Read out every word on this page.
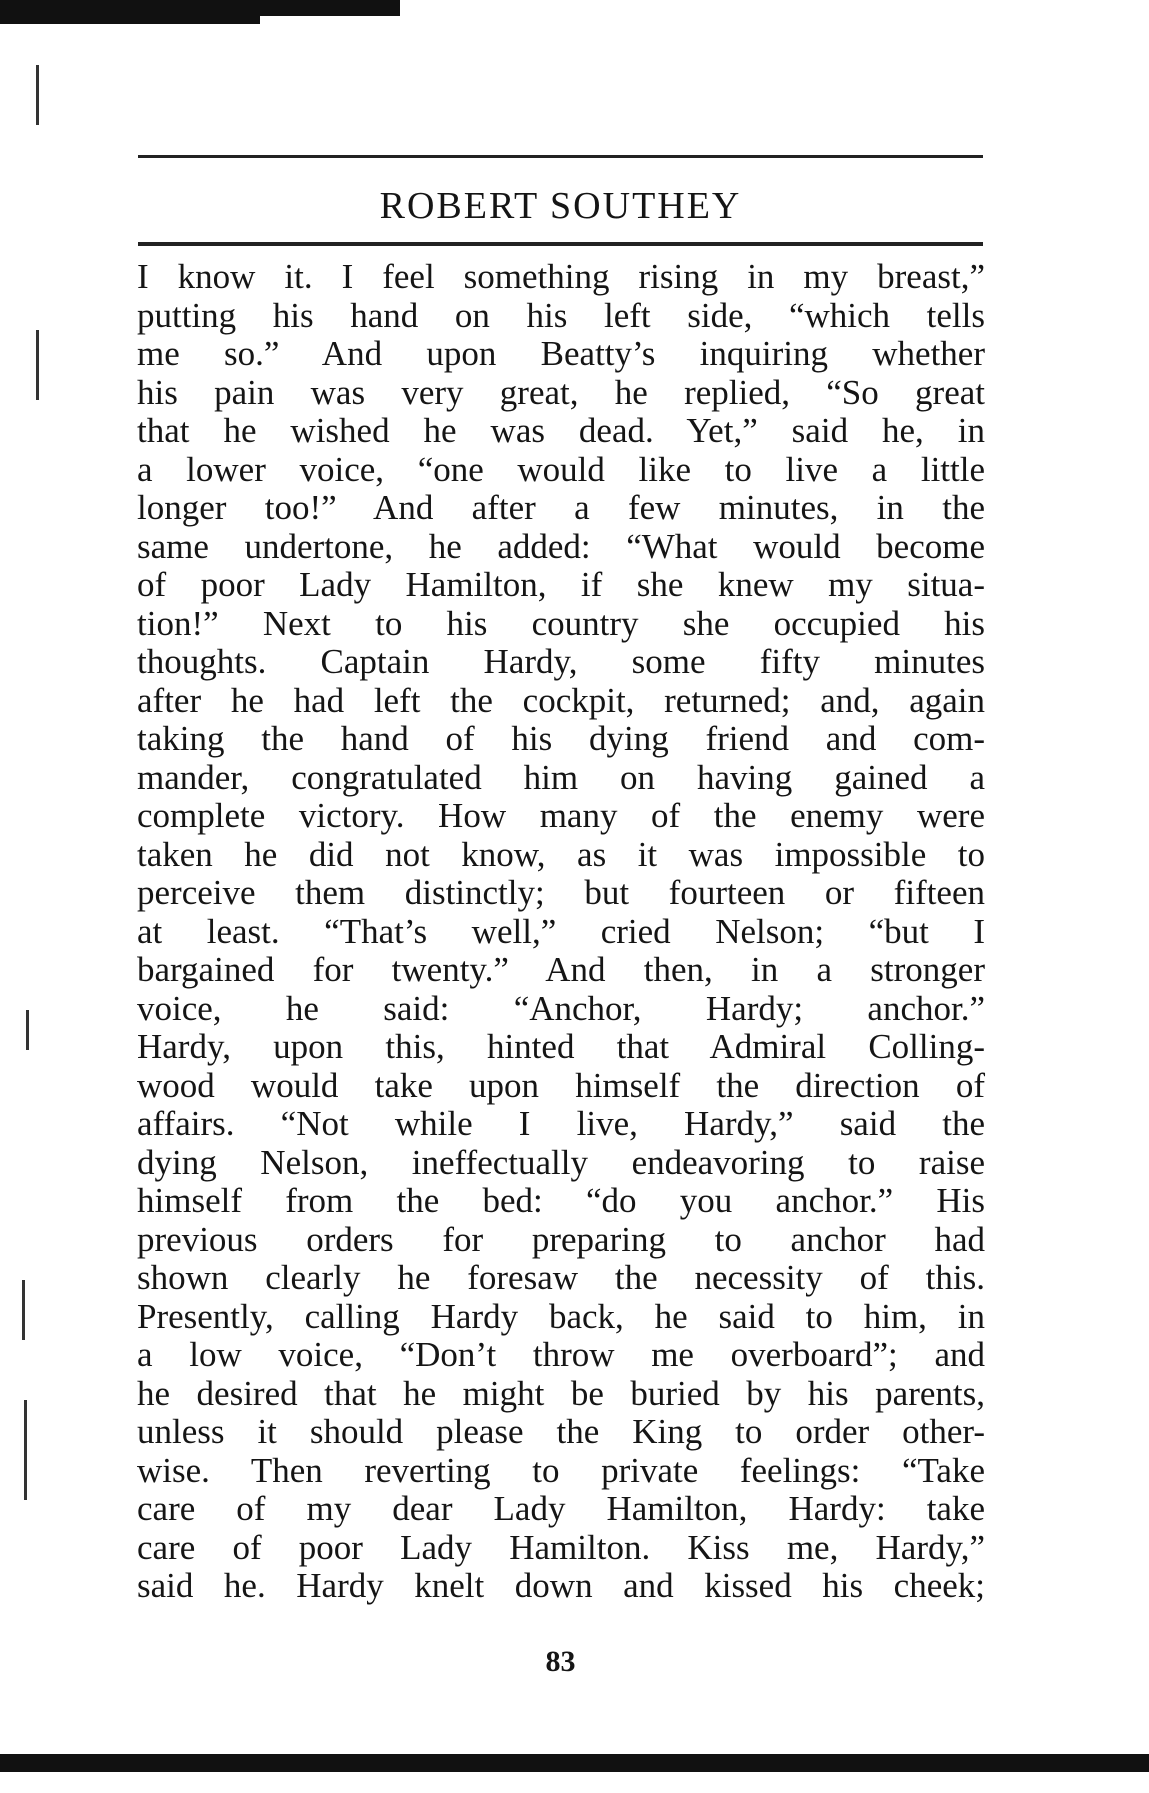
ROBERT SOUTHEY
I know it. I feel something rising in my breast,”
putting his hand on his left side, “which tells
me so.” And upon Beatty’s inquiring whether
his pain was very great, he replied, “So great
that he wished he was dead. Yet,” said he, in
a lower voice, “one would like to live a little
longer too!” And after a few minutes, in the
same undertone, he added: “What would become
of poor Lady Hamilton, if she knew my situa-
tion!” Next to his country she occupied his
thoughts. Captain Hardy, some fifty minutes
after he had left the cockpit, returned; and, again
taking the hand of his dying friend and com-
mander, congratulated him on having gained a
complete victory. How many of the enemy were
taken he did not know, as it was impossible to
perceive them distinctly; but fourteen or fifteen
at least. “That’s well,” cried Nelson; “but I
bargained for twenty.” And then, in a stronger
voice, he said: “Anchor, Hardy; anchor.”
Hardy, upon this, hinted that Admiral Colling-
wood would take upon himself the direction of
affairs. “Not while I live, Hardy,” said the
dying Nelson, ineffectually endeavoring to raise
himself from the bed: “do you anchor.” His
previous orders for preparing to anchor had
shown clearly he foresaw the necessity of this.
Presently, calling Hardy back, he said to him, in
a low voice, “Don’t throw me overboard”; and
he desired that he might be buried by his parents,
unless it should please the King to order other-
wise. Then reverting to private feelings: “Take
care of my dear Lady Hamilton, Hardy: take
care of poor Lady Hamilton. Kiss me, Hardy,”
said he. Hardy knelt down and kissed his cheek;
83
